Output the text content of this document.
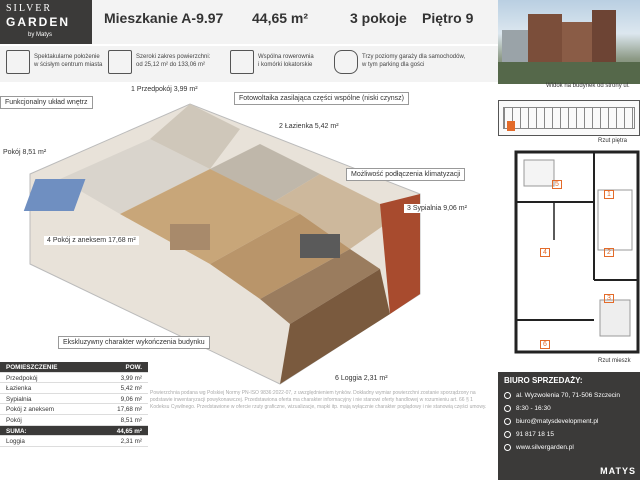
SILVER
GARDEN
by Matys
Mieszkanie A-9.97 44,65 m²	3 pokoje Piętro 9
Spektakularne położenie
w ścisłym centrum miasta
Szeroki zakres powierzchni:
od 25,12 m² do 133,06 m²
Wspólna rowerownia
i komórki lokatorskie
Trzy poziomy garaży dla samochodów,
w tym parking dla gości
Widok na budynek od strony ul.
Rzut piętra
1
2
3
4
5
6
Rzut mieszk
1 Przedpokój 3,99 m²
Fotowoltaika zasilająca części wspólne (niski czynsz)
Funkcjonalny układ wnętrz
2 Łazienka 5,42 m²
Pokój 8,51 m²
Możliwość podłączenia klimatyzacji
3 Sypialnia 9,06 m²
4 Pokój z aneksem 17,68 m²
Ekskluzywny charakter wykończenia budynku
6 Loggia 2,31 m²
POMIESZCZENIE	POW.
Przedpokój	3,99 m²
Łazienka	5,42 m²
Sypialnia	9,06 m²
Pokój z aneksem	17,68 m²
Pokój	8,51 m²
SUMA:	44,65 m²
Loggia	2,31 m²
Powierzchnia podana wg Polskiej Normy PN-ISO 9836:2022-07, z uwzględnieniem tynków. Dokładny wymiar powierzchni zostanie sporządzony na podstawie inwentaryzacji powykonawczej. Przedstawiona oferta ma charakter informacyjny i nie stanowi oferty handlowej w rozumieniu art. 66 § 1 Kodeksu Cywilnego. Przedstawione w ofercie rzuty graficzne, wizualizacje, mapki itp. mają wyłącznie charakter poglądowy i nie stanowią części umowy.
BIURO SPRZEDAŻY:
al. Wyzwolenia 70, 71-506 Szczecin
8:30 - 16:30
biuro@matysdevelopment.pl
91 817 18 15
www.silvergarden.pl
MATYS
